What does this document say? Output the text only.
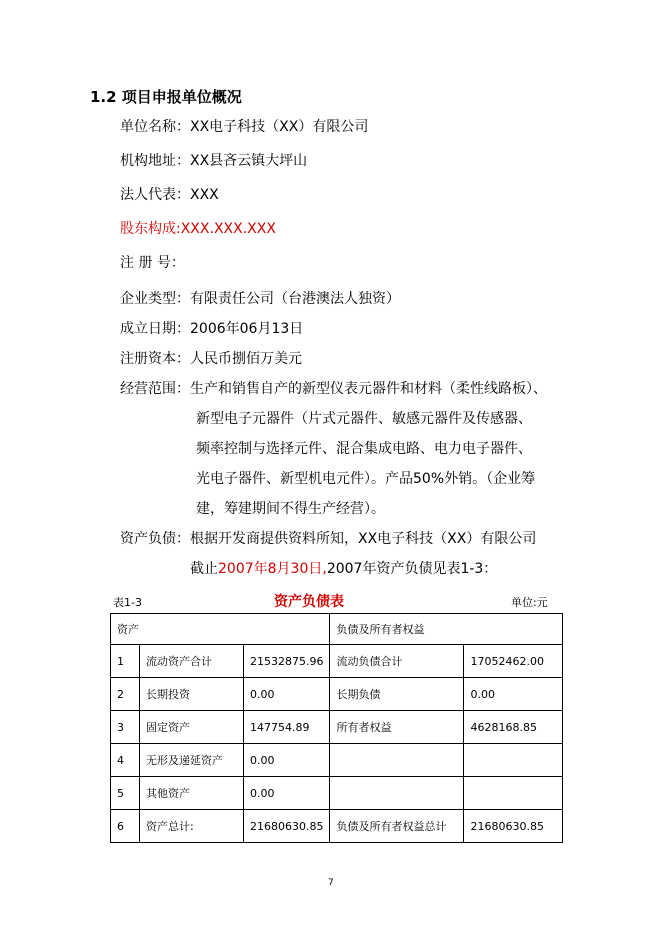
1.2 项目申报单位概况
单位名称：XX电子科技（XX）有限公司
机构地址：XX县吝云镇大坪山
法人代表：XXX
股东构成:XXX.XXX.XXX
注 册 号：
企业类型：有限责任公司（台港澳法人独资）
成立日期：2006年06月13日
注册资本：人民币捌佰万美元
经营范围：生产和销售自产的新型仪表元器件和材料（柔性线路板）、
新型电子元器件（片式元器件、敏感元器件及传感器、
频率控制与选择元件、混合集成电路、电力电子器件、
光电子器件、新型机电元件）。产品50%外销。（企业筹
建，筹建期间不得生产经营）。
资产负债：根据开发商提供资料所知，XX电子科技（XX）有限公司
截止2007年8月30日,2007年资产负债见表1-3：
表1-3	资产负债表	单位:元
资产			负债及所有者权益	
1	流动资产合计	21532875.96	流动负债合计	17052462.00
2	长期投资	0.00	长期负债	0.00
3	固定资产	147754.89	所有者权益	4628168.85
4	无形及递延资产	0.00		
5	其他资产	0.00		
6	资产总计:	21680630.85	负债及所有者权益总计	21680630.85
7
